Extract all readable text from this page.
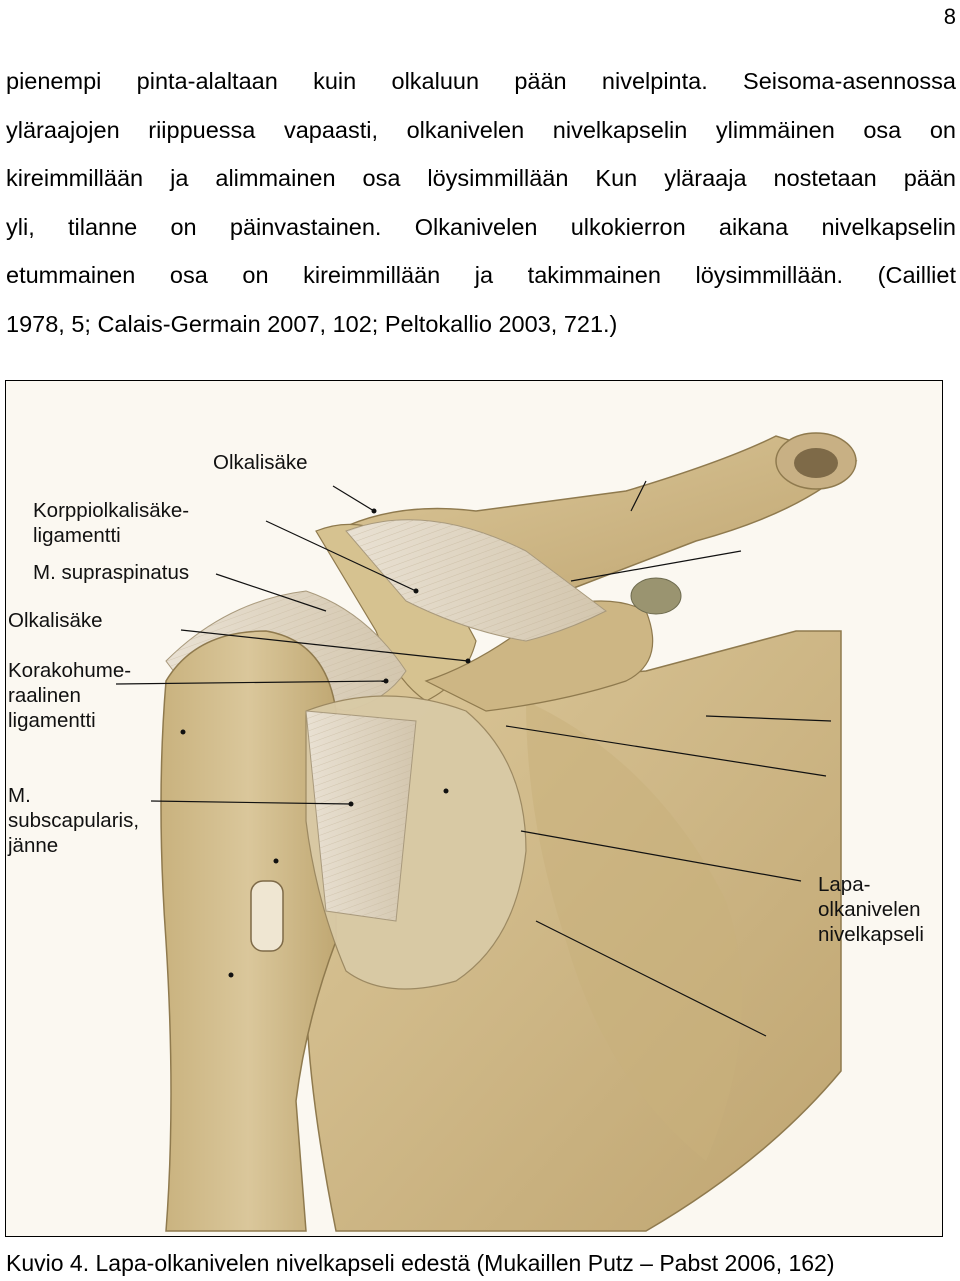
8

pienempi pinta-alaltaan kuin olkaluun pään nivelpinta. Seisoma-asennossa
yläraajojen riippuessa vapaasti, olkanivelen nivelkapselin ylimmäinen osa on
kireimmillään ja alimmainen osa löysimmillään Kun yläraaja nostetaan pään
yli, tilanne on päinvastainen. Olkanivelen ulkokierron aikana nivelkapselin
etummainen osa on kireimmillään ja takimmainen löysimmillään. (Cailliet
1978, 5; Calais-Germain 2007, 102; Peltokallio 2003, 721.)

Olkalisäke
Korppiolkalisäke-
ligamentti
M. supraspinatus
Olkalisäke
Korakohume-
raalinen
ligamentti
M.
subscapularis,
jänne
Lapa-
olkanivelen
nivelkapseli
Kuvio 4. Lapa-olkanivelen nivelkapseli edestä (Mukaillen Putz – Pabst 2006, 162)
